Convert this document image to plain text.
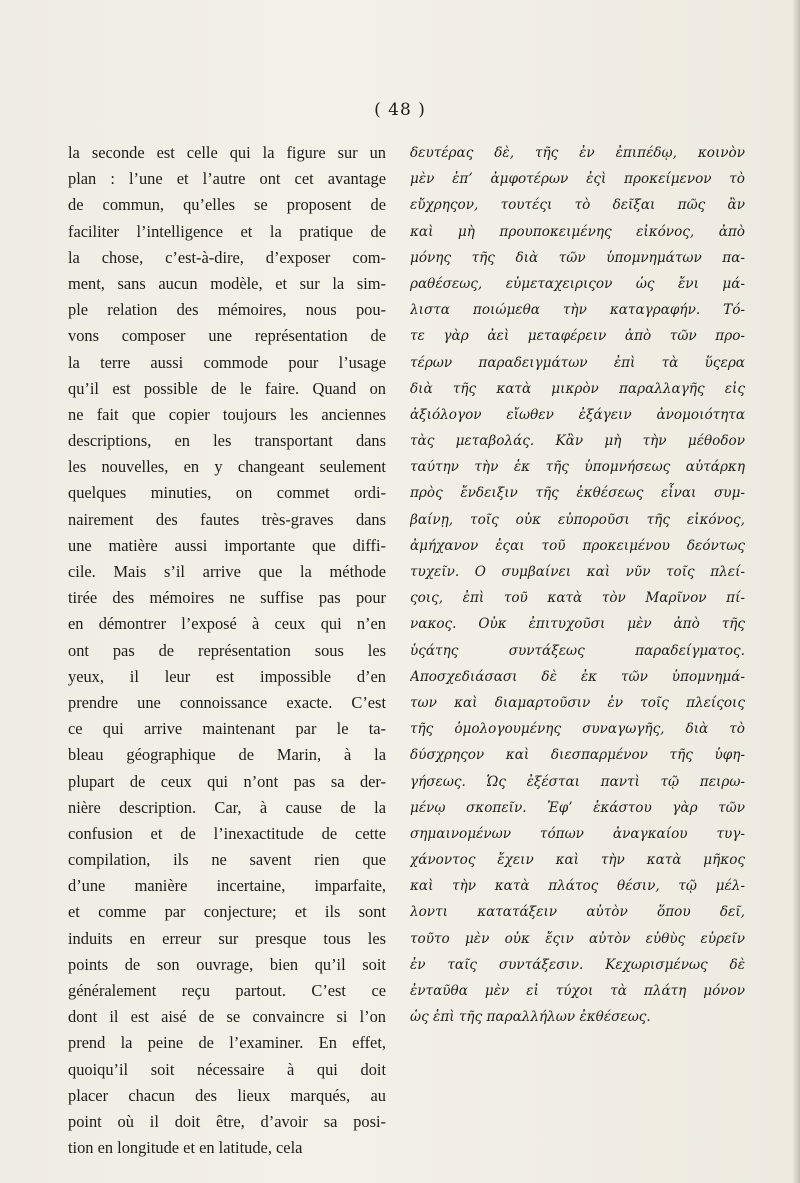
( 48 )
la seconde est celle qui la figure sur un
plan : l’une et l’autre ont cet avantage
de commun, qu’elles se proposent de
faciliter l’intelligence et la pratique de
la chose, c’est-à-dire, d’exposer com-
ment, sans aucun modèle, et sur la sim-
ple relation des mémoires, nous pou-
vons composer une représentation de
la terre aussi commode pour l’usage
qu’il est possible de le faire. Quand on
ne fait que copier toujours les anciennes
descriptions, en les transportant dans
les nouvelles, en y changeant seulement
quelques minuties, on commet ordi-
nairement des fautes très-graves dans
une matière aussi importante que diffi-
cile. Mais s’il arrive que la méthode
tirée des mémoires ne suffise pas pour
en démontrer l’exposé à ceux qui n’en
ont pas de représentation sous les
yeux, il leur est impossible d’en
prendre une connoissance exacte. C’est
ce qui arrive maintenant par le ta-
bleau géographique de Marin, à la
plupart de ceux qui n’ont pas sa der-
nière description. Car, à cause de la
confusion et de l’inexactitude de cette
compilation, ils ne savent rien que
d’une manière incertaine, imparfaite,
et comme par conjecture; et ils sont
induits en erreur sur presque tous les
points de son ouvrage, bien qu’il soit
généralement reçu partout. C’est ce
dont il est aisé de se convaincre si l’on
prend la peine de l’examiner. En effet,
quoiqu’il soit nécessaire à qui doit
placer chacun des lieux marqués, au
point où il doit être, d’avoir sa posi-
tion en longitude et en latitude, cela
δευτέρας δὲ, τῆς ἐν ἐπιπέδῳ, κοινὸν
μὲν ἐπ’ ἀμφοτέρων ἐςὶ προκείμενον τὸ
εὔχρηςον, τουτέςι τὸ δεῖξαι πῶς ἂν
καὶ μὴ προυποκειμένης εἰκόνος, ἀπὸ
μόνης τῆς διὰ τῶν ὑπομνημάτων πα-
ραθέσεως, εὐμεταχειριςον ὡς ἔνι μά-
λιστα ποιώμεθα τὴν καταγραφήν. Τό-
τε γὰρ ἀεὶ μεταφέρειν ἀπὸ τῶν προ-
τέρων παραδειγμάτων ἐπὶ τὰ ὕςερα
διὰ τῆς κατὰ μικρὸν παραλλαγῆς εἰς
ἀξιόλογον εἴωθεν ἐξάγειν ἀνομοιότητα
τὰς μεταβολάς. Κἂν μὴ τὴν μέθοδον
ταύτην τὴν ἐκ τῆς ὑπομνήσεως αὐτάρκη
πρὸς ἔνδειξιν τῆς ἐκθέσεως εἶναι συμ-
βαίνῃ, τοῖς οὐκ εὐποροῦσι τῆς εἰκόνος,
ἀμήχανον ἐςαι τοῦ προκειμένου δεόντως
τυχεῖν. Ο συμβαίνει καὶ νῦν τοῖς πλεί-
ςοις, ἐπὶ τοῦ κατὰ τὸν Μαρῖνον πί-
νακος. Οὐκ ἐπιτυχοῦσι μὲν ἀπὸ τῆς
ὑςάτης συντάξεως παραδείγματος.
Αποσχεδιάσασι δὲ ἐκ τῶν ὑπομνημά-
των καὶ διαμαρτοῦσιν ἐν τοῖς πλείςοις
τῆς ὁμολογουμένης συναγωγῆς, διὰ τὸ
δύσχρηςον καὶ διεσπαρμένον τῆς ὑφη-
γήσεως. Ὡς ἐξέσται παντὶ τῷ πειρω-
μένῳ σκοπεῖν. Ἐφ’ ἑκάστου γὰρ τῶν
σημαινομένων τόπων ἀναγκαίου τυγ-
χάνοντος ἔχειν καὶ τὴν κατὰ μῆκος
καὶ τὴν κατὰ πλάτος θέσιν, τῷ μέλ-
λοντι κατατάξειν αὐτὸν ὅπου δεῖ,
τοῦτο μὲν οὐκ ἔςιν αὐτὸν εὐθὺς εὑρεῖν
ἐν ταῖς συντάξεσιν. Κεχωρισμένως δὲ
ἐνταῦθα μὲν εἰ τύχοι τὰ πλάτη μόνον
ὡς ἐπὶ τῆς παραλλήλων ἐκθέσεως.
